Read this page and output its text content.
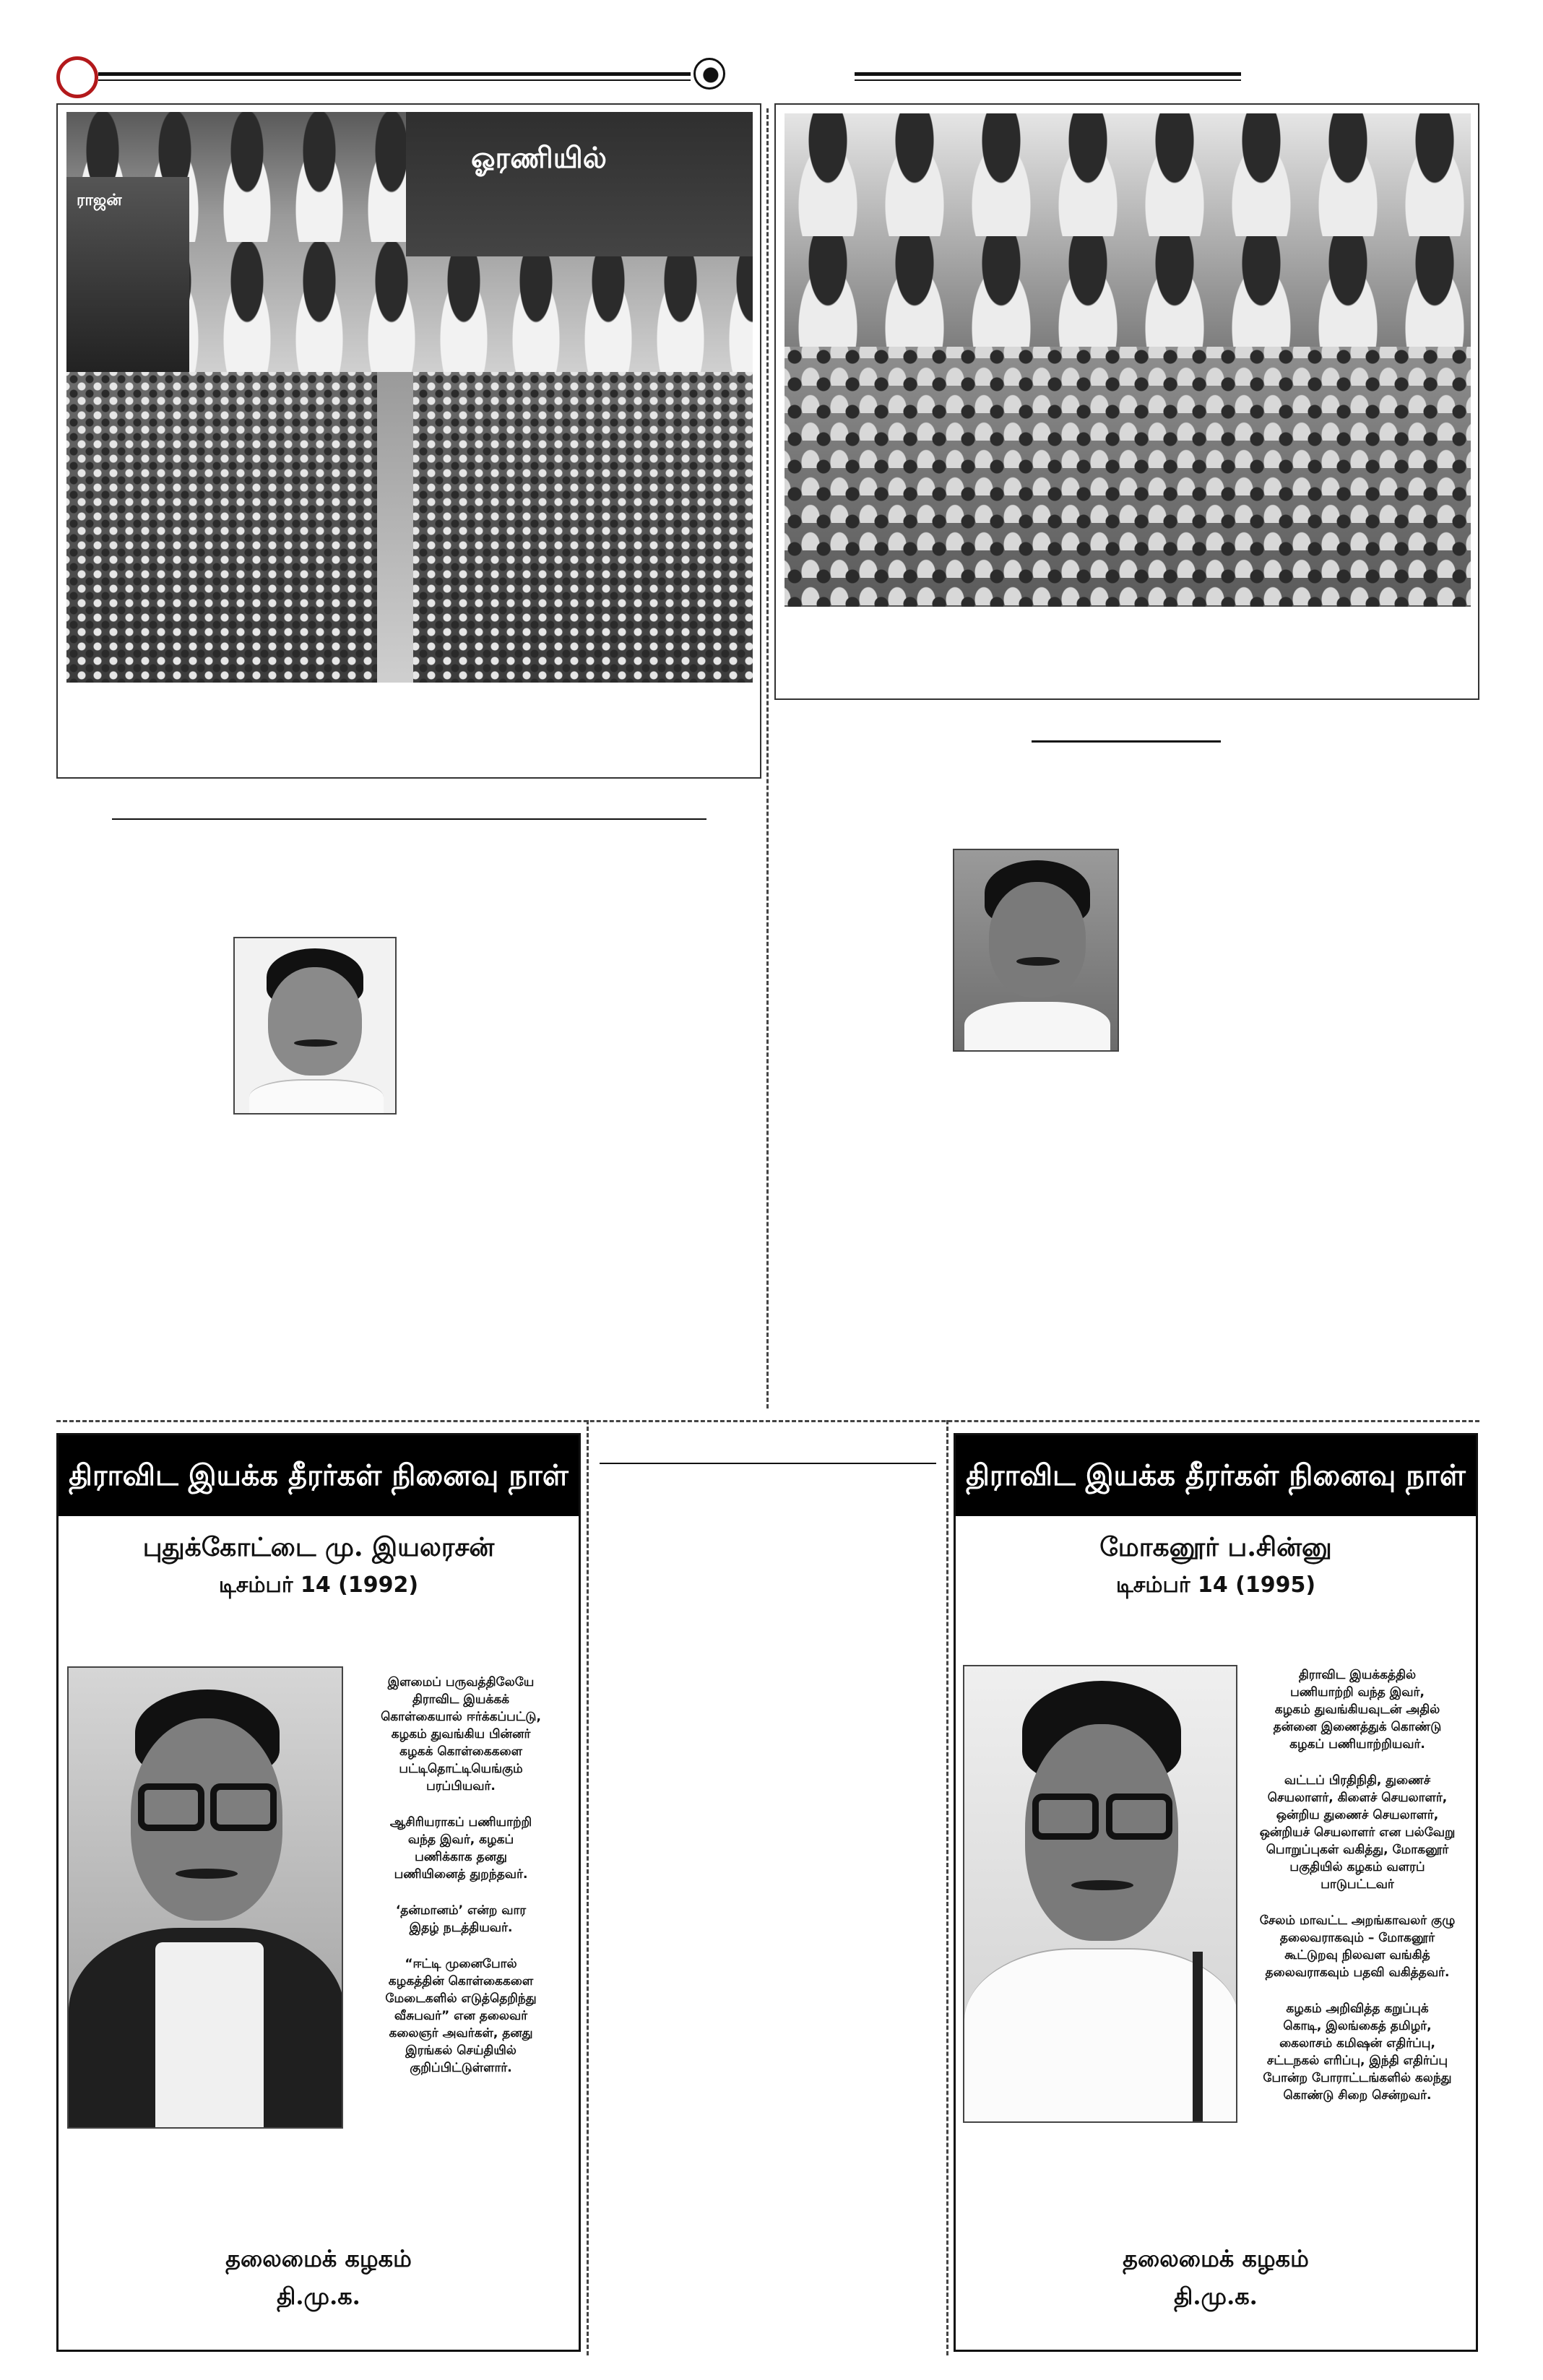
ஓரணியில்
ராஜன்
திராவிட இயக்க தீரர்கள் நினைவு நாள்
புதுக்கோட்டை மு. இயலரசன்
டிசம்பர் 14 (1992)

இளமைப் பருவத்திலேயே
திராவிட இயக்கக்
கொள்கையால் ஈர்க்கப்பட்டு,
கழகம் துவங்கிய பின்னர்
கழகக் கொள்கைகளை
பட்டிதொட்டியெங்கும்
பரப்பியவர்.

ஆசிரியராகப் பணியாற்றி
வந்த இவர், கழகப்
பணிக்காக தனது
பணியினைத் துறந்தவர்.

‘தன்மானம்’ என்ற வார
இதழ் நடத்தியவர்.

“ஈட்டி முனைபோல்
கழகத்தின் கொள்கைகளை
மேடைகளில் எடுத்தெறிந்து
வீசுபவர்” என தலைவர்
கலைஞர் அவர்கள், தனது
இரங்கல் செய்தியில்
குறிப்பிட்டுள்ளார்.

தலைமைக் கழகம்
தி.மு.க.
திராவிட இயக்க தீரர்கள் நினைவு நாள்
மோகனூர் ப.சின்னு
டிசம்பர் 14 (1995)

திராவிட இயக்கத்தில்
பணியாற்றி வந்த இவர்,
கழகம் துவங்கியவுடன் அதில்
தன்னை இணைத்துக் கொண்டு
கழகப் பணியாற்றியவர்.

வட்டப் பிரதிநிதி, துணைச்
செயலாளர், கிளைச் செயலாளர்,
ஒன்றிய துணைச் செயலாளர்,
ஒன்றியச் செயலாளர் என பல்வேறு
பொறுப்புகள் வகித்து, மோகனூர்
பகுதியில் கழகம் வளரப்
பாடுபட்டவர்

சேலம் மாவட்ட அறங்காவலர் குழு
தலைவராகவும் – மோகனூர்
கூட்டுறவு நிலவள வங்கித்
தலைவராகவும் பதவி வகித்தவர்.

கழகம் அறிவித்த கறுப்புக்
கொடி, இலங்கைத் தமிழர்,
கைலாசம் கமிஷன் எதிர்ப்பு,
சட்டநகல் எரிப்பு, இந்தி எதிர்ப்பு
போன்ற போராட்டங்களில் கலந்து
கொண்டு சிறை சென்றவர்.

தலைமைக் கழகம்
தி.மு.க.
